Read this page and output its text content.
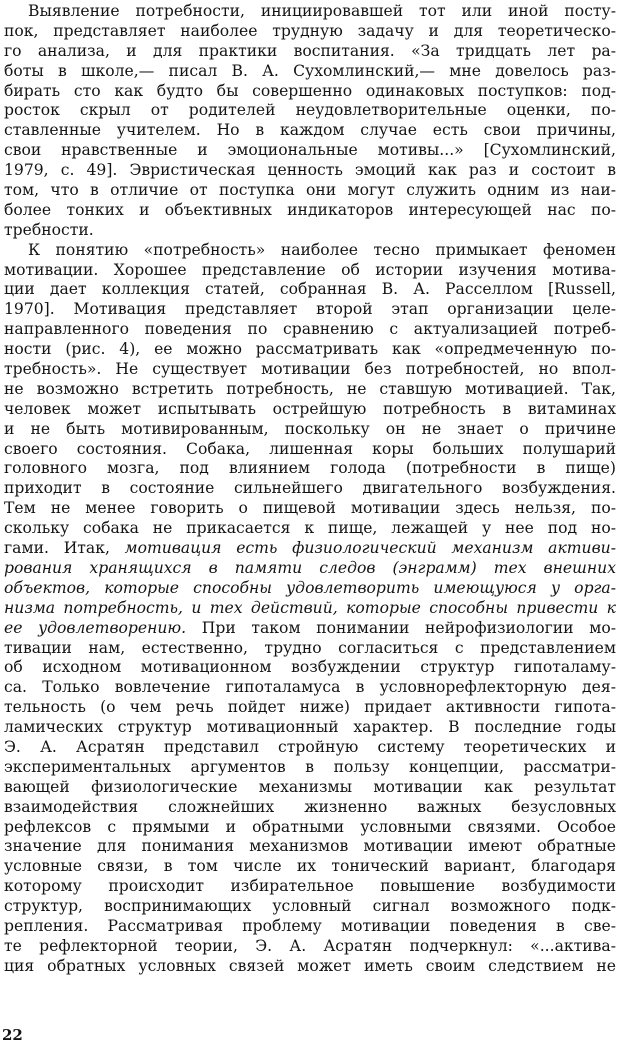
Выявление потребности, инициировавшей тот или иной посту-
пок, представляет наиболее трудную задачу и для теоретическо-
го анализа, и для практики воспитания. «За тридцать лет ра-
боты в школе,— писал В. А. Сухомлинский,— мне довелось раз-
бирать сто как будто бы совершенно одинаковых поступков: под-
росток скрыл от родителей неудовлетворительные оценки, по-
ставленные учителем. Но в каждом случае есть свои причины,
свои нравственные и эмоциональные мотивы...» [Сухомлинский,
1979, с. 49]. Эвристическая ценность эмоций как раз и состоит в
том, что в отличие от поступка они могут служить одним из наи-
более тонких и объективных индикаторов интересующей нас по-
требности.
К понятию «потребность» наиболее тесно примыкает феномен
мотивации. Хорошее представление об истории изучения мотива-
ции дает коллекция статей, собранная В. А. Расселлом [Russell,
1970]. Мотивация представляет второй этап организации целе-
направленного поведения по сравнению с актуализацией потреб-
ности (рис. 4), ее можно рассматривать как «опредмеченную по-
требность». Не существует мотивации без потребностей, но впол-
не возможно встретить потребность, не ставшую мотивацией. Так,
человек может испытывать острейшую потребность в витаминах
и не быть мотивированным, поскольку он не знает о причине
своего состояния. Собака, лишенная коры больших полушарий
головного мозга, под влиянием голода (потребности в пище)
приходит в состояние сильнейшего двигательного возбуждения.
Тем не менее говорить о пищевой мотивации здесь нельзя, по-
скольку собака не прикасается к пище, лежащей у нее под но-
гами. Итак, мотивация есть физиологический механизм активи-
рования хранящихся в памяти следов (энграмм) тех внешних
объектов, которые способны удовлетворить имеющуюся у орга-
низма потребность, и тех действий, которые способны привести к
ее удовлетворению. При таком понимании нейрофизиологии мо-
тивации нам, естественно, трудно согласиться с представлением
об исходном мотивационном возбуждении структур гипоталаму-
са. Только вовлечение гипоталамуса в условнорефлекторную дея-
тельность (о чем речь пойдет ниже) придает активности гипота-
ламических структур мотивационный характер. В последние годы
Э. А. Асратян представил стройную систему теоретических и
экспериментальных аргументов в пользу концепции, рассматри-
вающей физиологические механизмы мотивации как результат
взаимодействия сложнейших жизненно важных безусловных
рефлексов с прямыми и обратными условными связями. Особое
значение для понимания механизмов мотивации имеют обратные
условные связи, в том числе их тонический вариант, благодаря
которому происходит избирательное повышение возбудимости
структур, воспринимающих условный сигнал возможного подк-
репления. Рассматривая проблему мотивации поведения в све-
те рефлекторной теории, Э. А. Асратян подчеркнул: «...актива-
ция обратных условных связей может иметь своим следствием не
22
